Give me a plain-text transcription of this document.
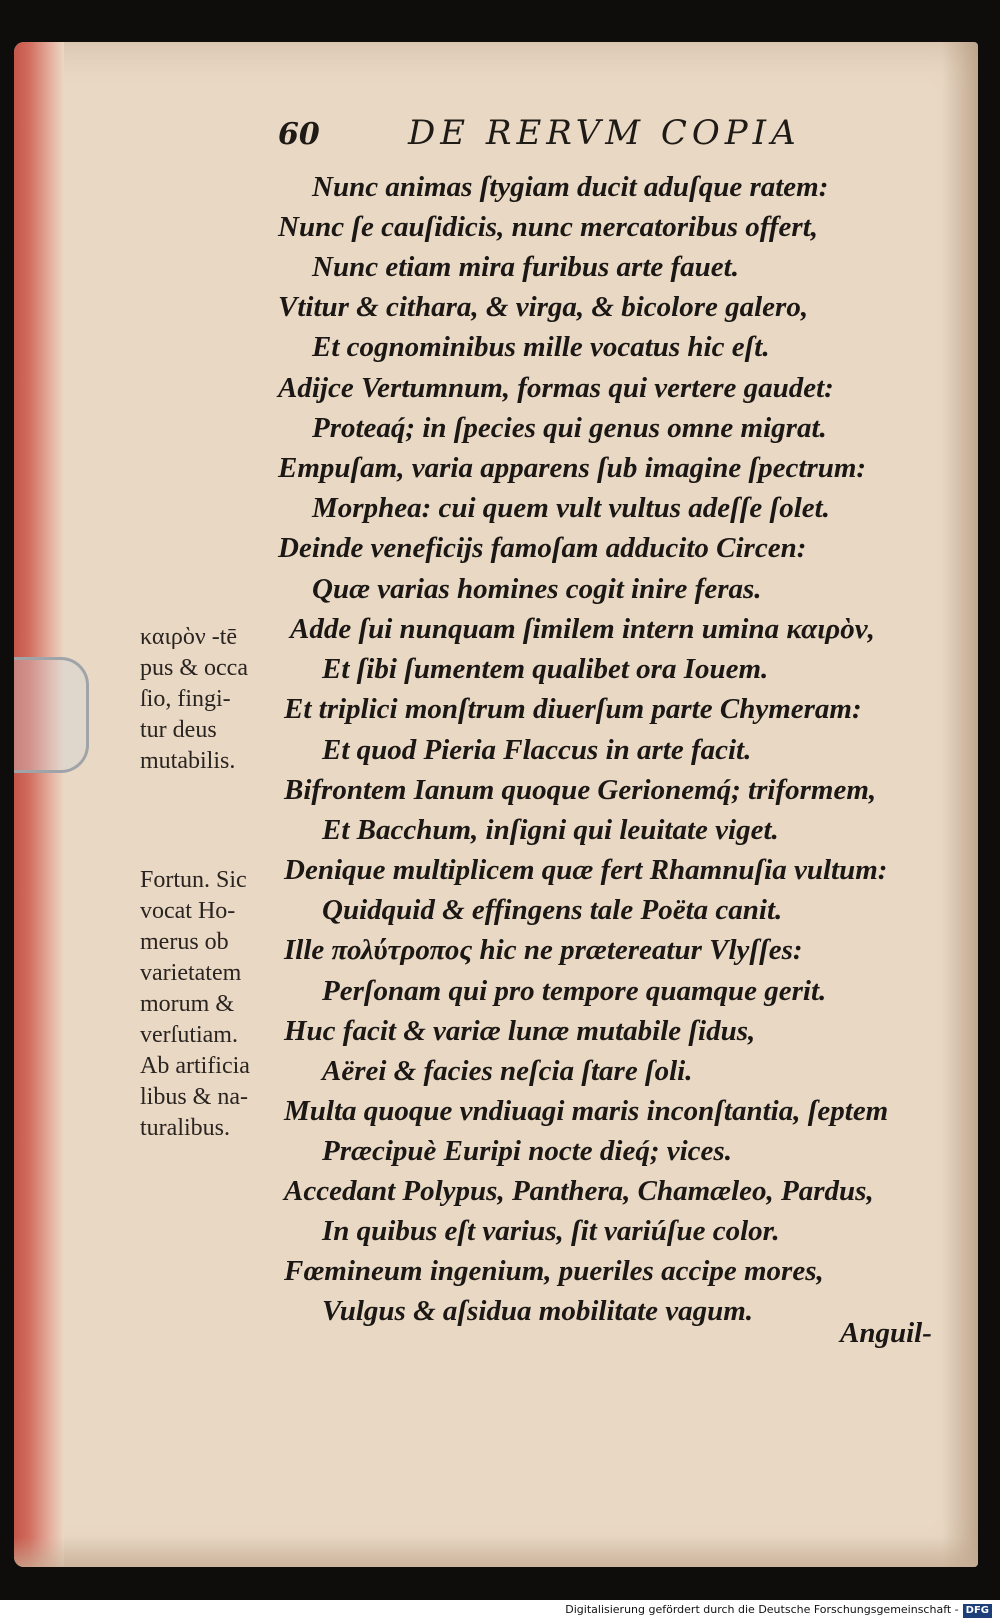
60	DE RERVM COPIA
Nunc animas ſtygiam ducit aduſque ratem:
Nunc ſe cauſidicis, nunc mercatoribus offert,
Nunc etiam mira furibus arte fauet.
Vtitur & cithara, & virga, & bicolore galero,
Et cognominibus mille vocatus hic eſt.
Adijce Vertumnum, formas qui vertere gaudet:
Proteaq́; in ſpecies qui genus omne migrat.
Empuſam, varia apparens ſub imagine ſpectrum:
Morphea: cui quem vult vultus adeſſe ſolet.
Deinde veneficijs famoſam adducito Circen:
Quæ varias homines cogit inire feras.
Adde ſui nunquam ſimilem intern umina καιρὸν,
Et ſibi ſumentem qualibet ora Iouem.
Et triplici monſtrum diuerſum parte Chymeram:
Et quod Pieria Flaccus in arte facit.
Bifrontem Ianum quoque Gerionemq́; triformem,
Et Bacchum, inſigni qui leuitate viget.
Denique multiplicem quæ fert Rhamnuſia vultum:
Quidquid & effingens tale Poëta canit.
Ille πολύτροπος hic ne prætereatur Vlyſſes:
Perſonam qui pro tempore quamque gerit.
Huc facit & variæ lunæ mutabile ſidus,
Aërei & facies neſcia ſtare ſoli.
Multa quoque vndiuagi maris inconſtantia, ſeptem
Præcipuè Euripi nocte dieq́; vices.
Accedant Polypus, Panthera, Chamæleo, Pardus,
In quibus eſt varius, ſit variúſue color.
Fœmineum ingenium, pueriles accipe mores,
Vulgus & aſsidua mobilitate vagum.
καιρὸν -tē
pus & occa
ſio, fingi-
tur deus
mutabilis.
Fortun. Sic
vocat Ho-
merus ob
varietatem
morum &
verſutiam.
Ab artificia
libus & na-
turalibus.
Anguil-
Digitalisierung gefördert durch die Deutsche Forschungsgemeinschaft - DFG
